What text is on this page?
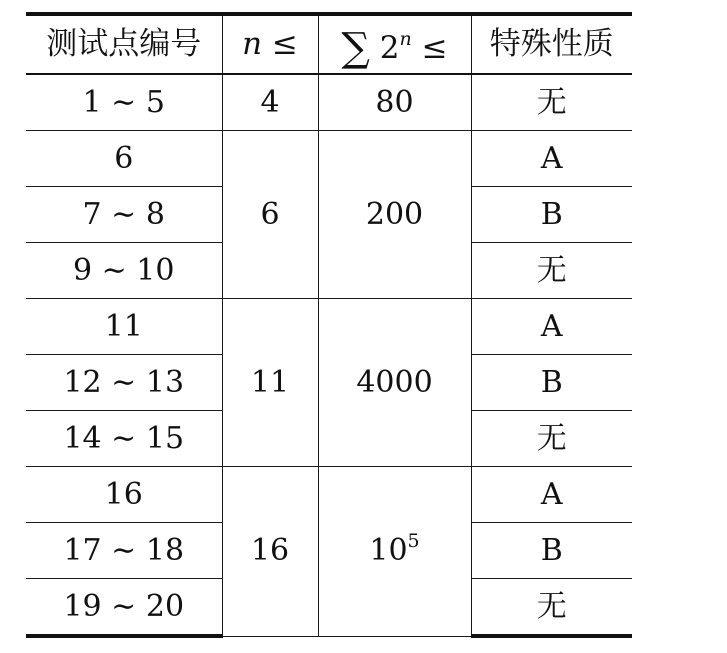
测试点编号	n ≤	∑ $2^n$ ≤	特殊性质
1 ∼ 5	4	80	无
6	6	200	A
7 ∼ 8			B
9 ∼ 10			无
11	11	4000	A
12 ∼ 13			B
14 ∼ 15			无
16	16	$10^5$	A
17 ∼ 18			B
19 ∼ 20			无
